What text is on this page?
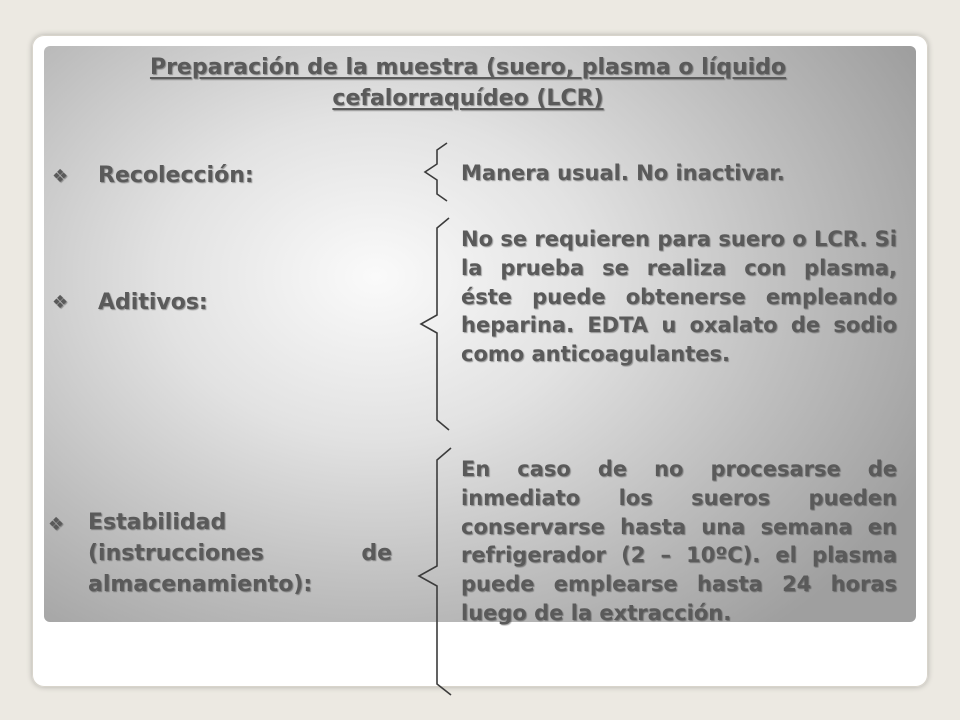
Preparación de la muestra (suero, plasma o líquido cefalorraquídeo (LCR)
❖ Recolección:
❖ Aditivos:
❖ Estabilidad (instrucciones de almacenamiento):
Manera usual. No inactivar.
No se requieren para suero o LCR. Si la prueba se realiza con plasma, éste puede obtenerse empleando heparina. EDTA u oxalato de sodio como anticoagulantes.
En caso de no procesarse de inmediato los sueros pueden conservarse hasta una semana en refrigerador (2 – 10ºC). el plasma puede emplearse hasta 24 horas luego de la extracción.
